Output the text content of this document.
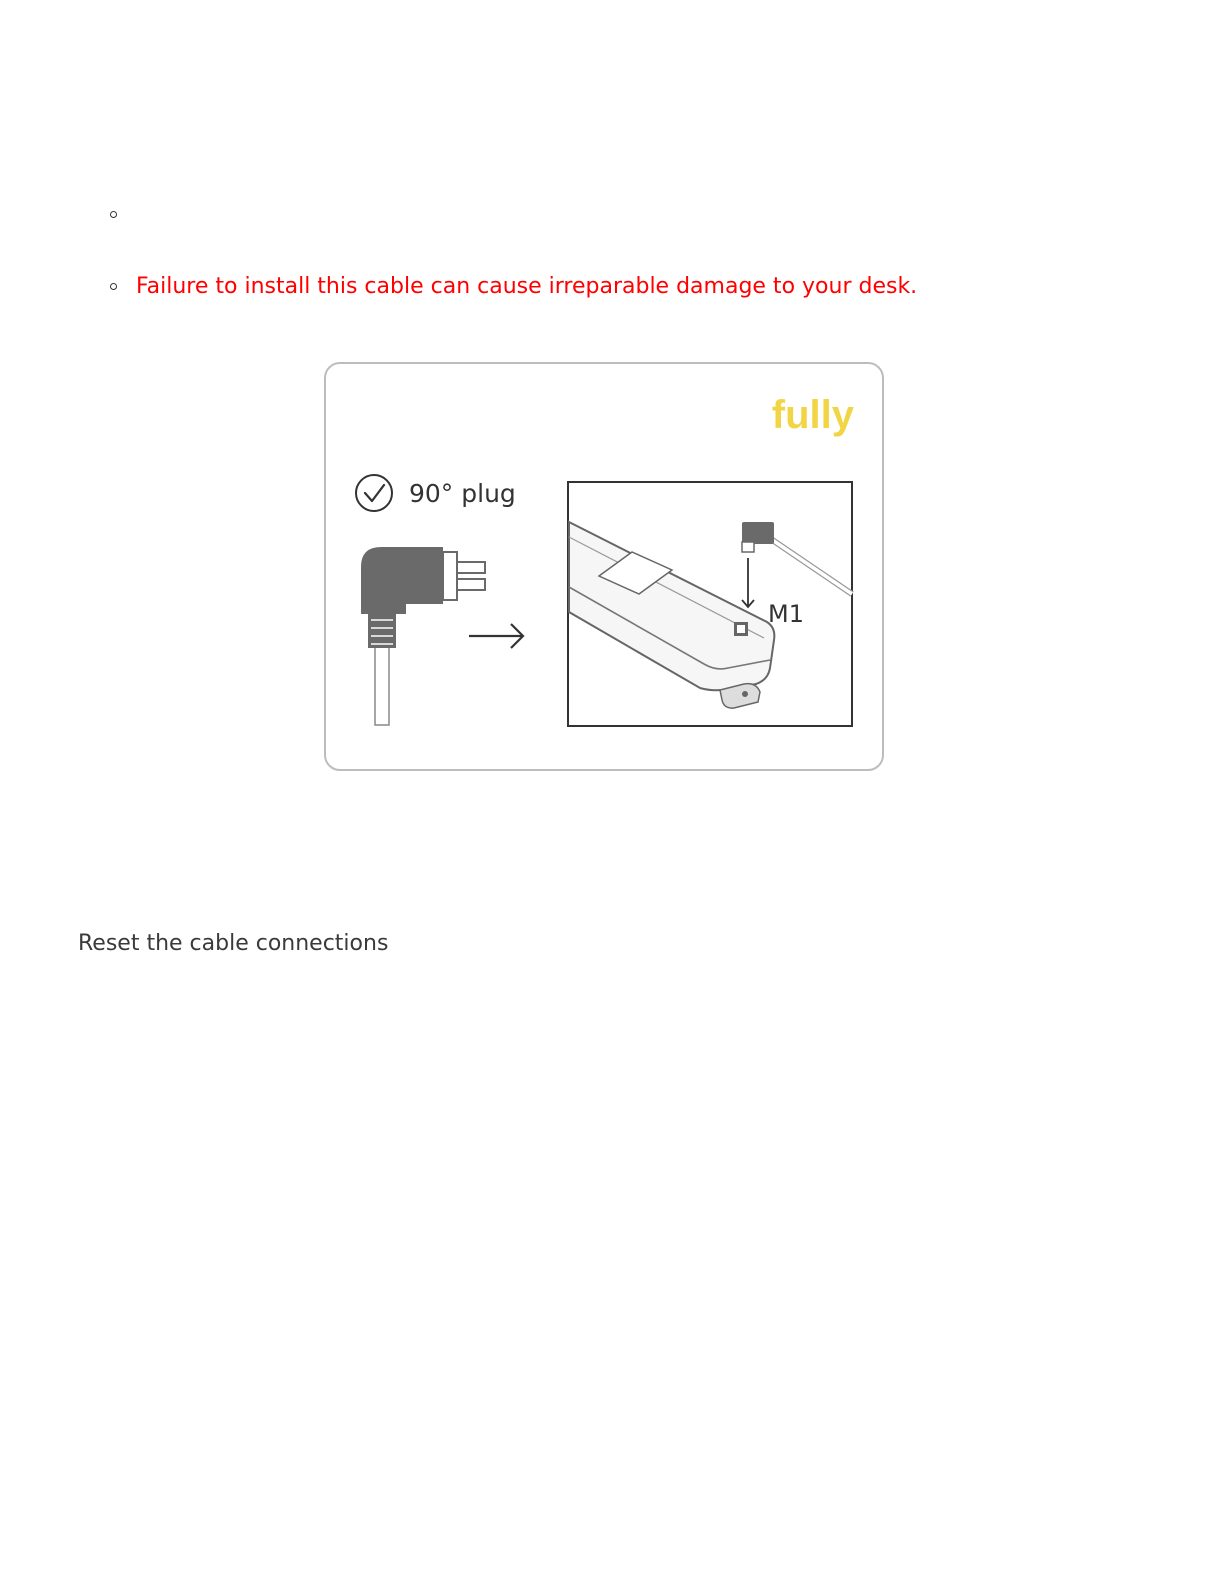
Failure to install this cable can cause irreparable damage to your desk.
fully
90° plug
M1

Reset the cable connections
